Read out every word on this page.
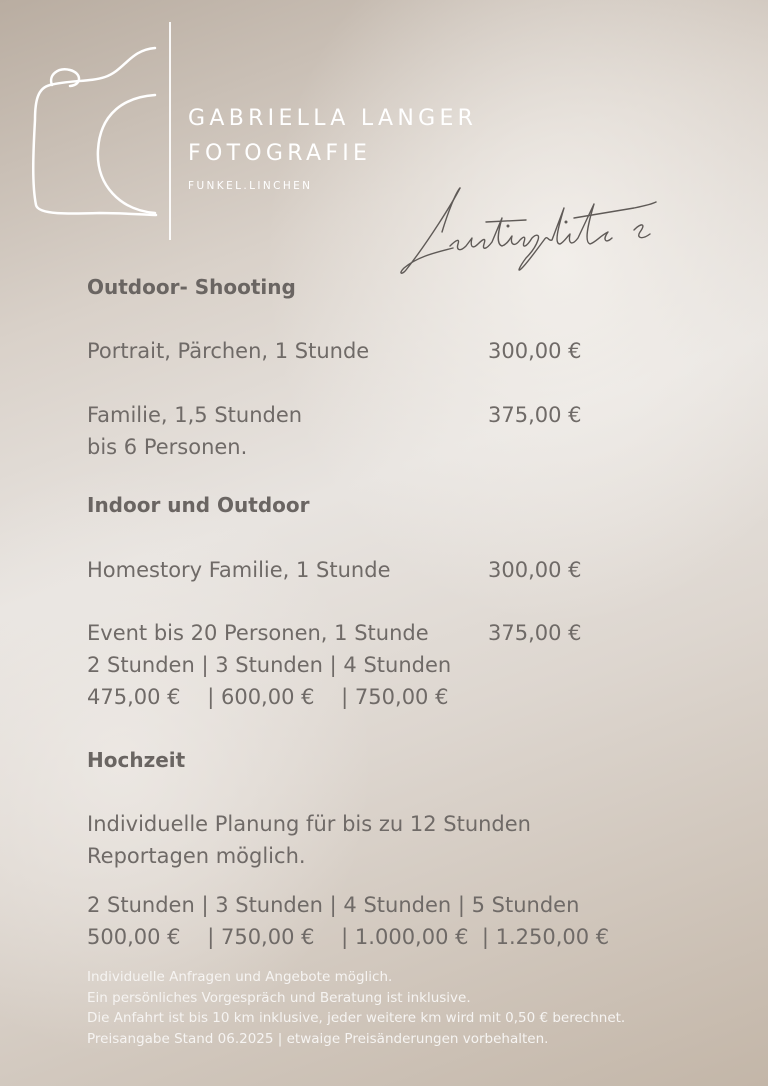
GABRIELLA LANGER
FOTOGRAFIE
FUNKEL.LINCHEN
Outdoor- Shooting
Portrait, Pärchen, 1 Stunde	300,00 €
Familie, 1,5 Stunden	375,00 €
bis 6 Personen.
Indoor und Outdoor
Homestory Familie, 1 Stunde	300,00 €
Event bis 20 Personen, 1 Stunde	375,00 €
2 Stunden | 3 Stunden | 4 Stunden
475,00 €    | 600,00 €    | 750,00 €
Hochzeit
Individuelle Planung für bis zu 12 Stunden
Reportagen möglich.
2 Stunden | 3 Stunden | 4 Stunden | 5 Stunden
500,00 €    | 750,00 €    | 1.000,00 €  | 1.250,00 €
Individuelle Anfragen und Angebote möglich.
Ein persönliches Vorgespräch und Beratung ist inklusive.
Die Anfahrt ist bis 10 km inklusive, jeder weitere km wird mit 0,50 € berechnet.
Preisangabe Stand 06.2025 | etwaige Preisänderungen vorbehalten.
